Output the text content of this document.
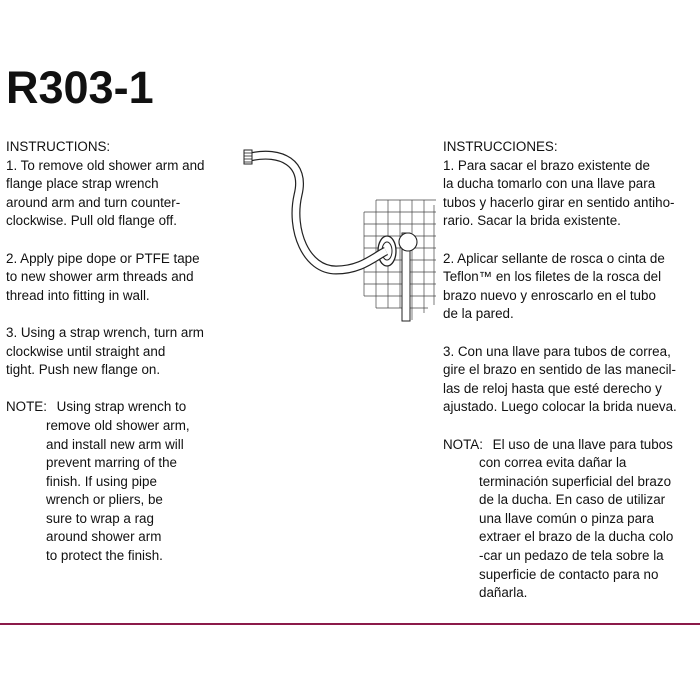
R303-1
INSTRUCTIONS:
1. To remove old shower arm and
flange place strap wrench
around arm and turn counter-
clockwise. Pull old flange off.
2. Apply pipe dope or PTFE tape
to new shower arm threads and
thread into fitting in wall.
3. Using a strap wrench, turn arm
clockwise until straight and
tight. Push new flange on.
NOTE: Using strap wrench to
remove old shower arm,
and install new arm will
prevent marring of the
finish. If using pipe
wrench or pliers, be
sure to wrap a rag
around shower arm
to protect the finish.
INSTRUCCIONES:
1. Para sacar el brazo existente de
la ducha tomarlo con una llave para
tubos y hacerlo girar en sentido antiho-
rario. Sacar la brida existente.
2. Aplicar sellante de rosca o cinta de
Teflon™ en los filetes de la rosca del
brazo nuevo y enroscarlo en el tubo
de la pared.
3. Con una llave para tubos de correa,
gire el brazo en sentido de las manecil-
las de reloj hasta que esté derecho y
ajustado. Luego colocar la brida nueva.
NOTA: El uso de una llave para tubos
con correa evita dañar la
terminación superficial del brazo
de la ducha. En caso de utilizar
una llave común o pinza para
extraer el brazo de la ducha colo
-car un pedazo de tela sobre la
superficie de contacto para no
dañarla.
